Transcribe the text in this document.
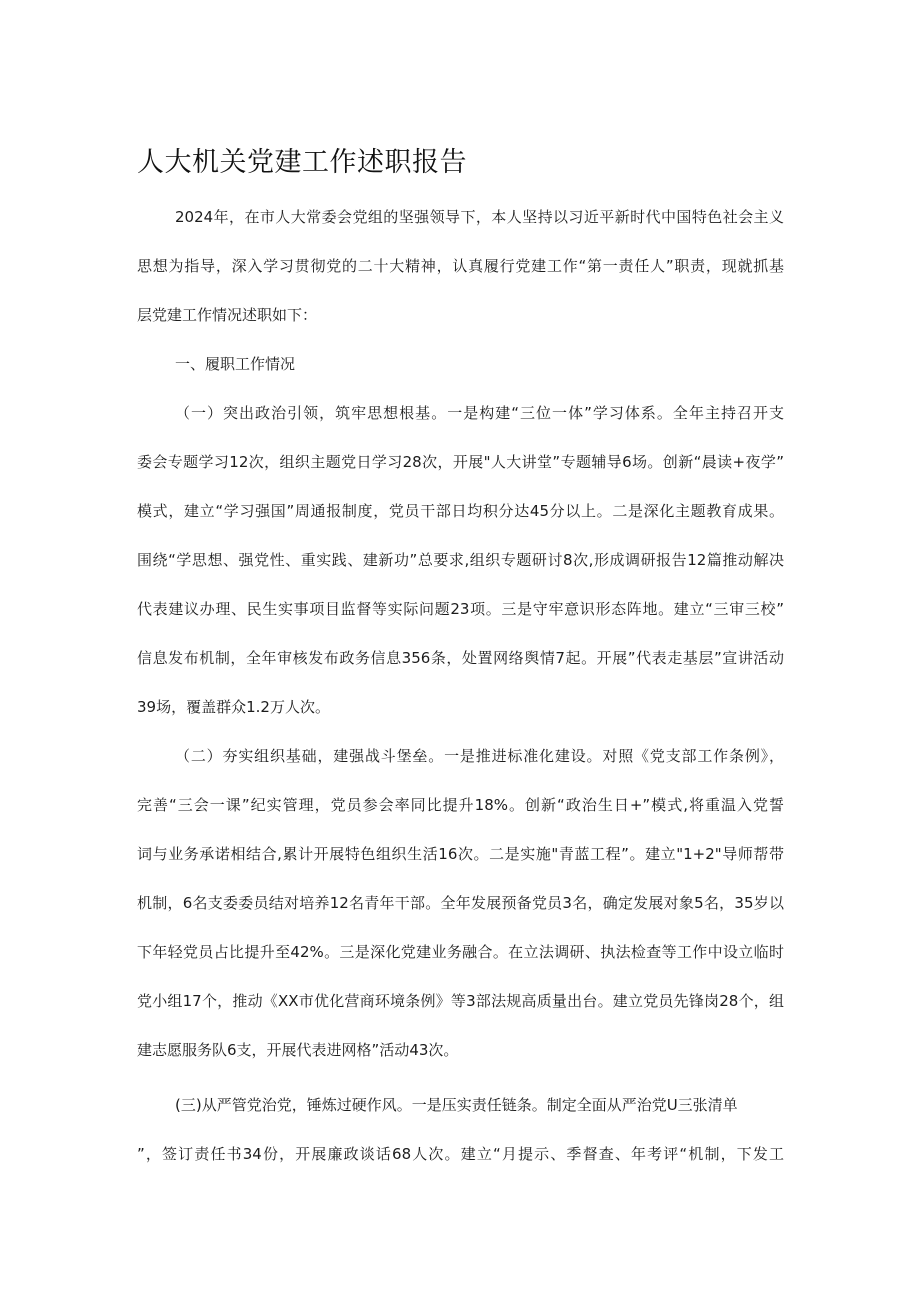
人大机关党建工作述职报告
2024年，在市人大常委会党组的坚强领导下，本人坚持以习近平新时代中国特色社会主义
思想为指导，深入学习贯彻党的二十大精神，认真履行党建工作“第一责任人”职责，现就抓基
层党建工作情况述职如下：
一、履职工作情况
（一）突出政治引领，筑牢思想根基。一是构建“三位一体”学习体系。全年主持召开支
委会专题学习12次，组织主题党日学习28次，开展"人大讲堂”专题辅导6场。创新“晨读+夜学”
模式，建立“学习强国”周通报制度，党员干部日均积分达45分以上。二是深化主题教育成果。
围绕“学思想、强党性、重实践、建新功”总要求,组织专题研讨8次,形成调研报告12篇推动解决
代表建议办理、民生实事项目监督等实际问题23项。三是守牢意识形态阵地。建立“三审三校”
信息发布机制，全年审核发布政务信息356条，处置网络舆情7起。开展”代表走基层”宣讲活动
39场，覆盖群众1.2万人次。
（二）夯实组织基础，建强战斗堡垒。一是推进标准化建设。对照《党支部工作条例》，
完善“三会一课”纪实管理，党员参会率同比提升18%。创新“政治生日+”模式,将重温入党誓
词与业务承诺相结合,累计开展特色组织生活16次。二是实施"青蓝工程”。建立"1+2"导师帮带
机制，6名支委委员结对培养12名青年干部。全年发展预备党员3名，确定发展对象5名，35岁以
下年轻党员占比提升至42%。三是深化党建业务融合。在立法调研、执法检查等工作中设立临时
党小组17个，推动《XX市优化营商环境条例》等3部法规高质量出台。建立党员先锋岗28个，组
建志愿服务队6支，开展代表进网格”活动43次。
(三)从严管党治党，锤炼过硬作风。一是压实责任链条。制定全面从严治党U三张清单
”，签订责任书34份，开展廉政谈话68人次。建立“月提示、季督查、年考评“机制，下发工
